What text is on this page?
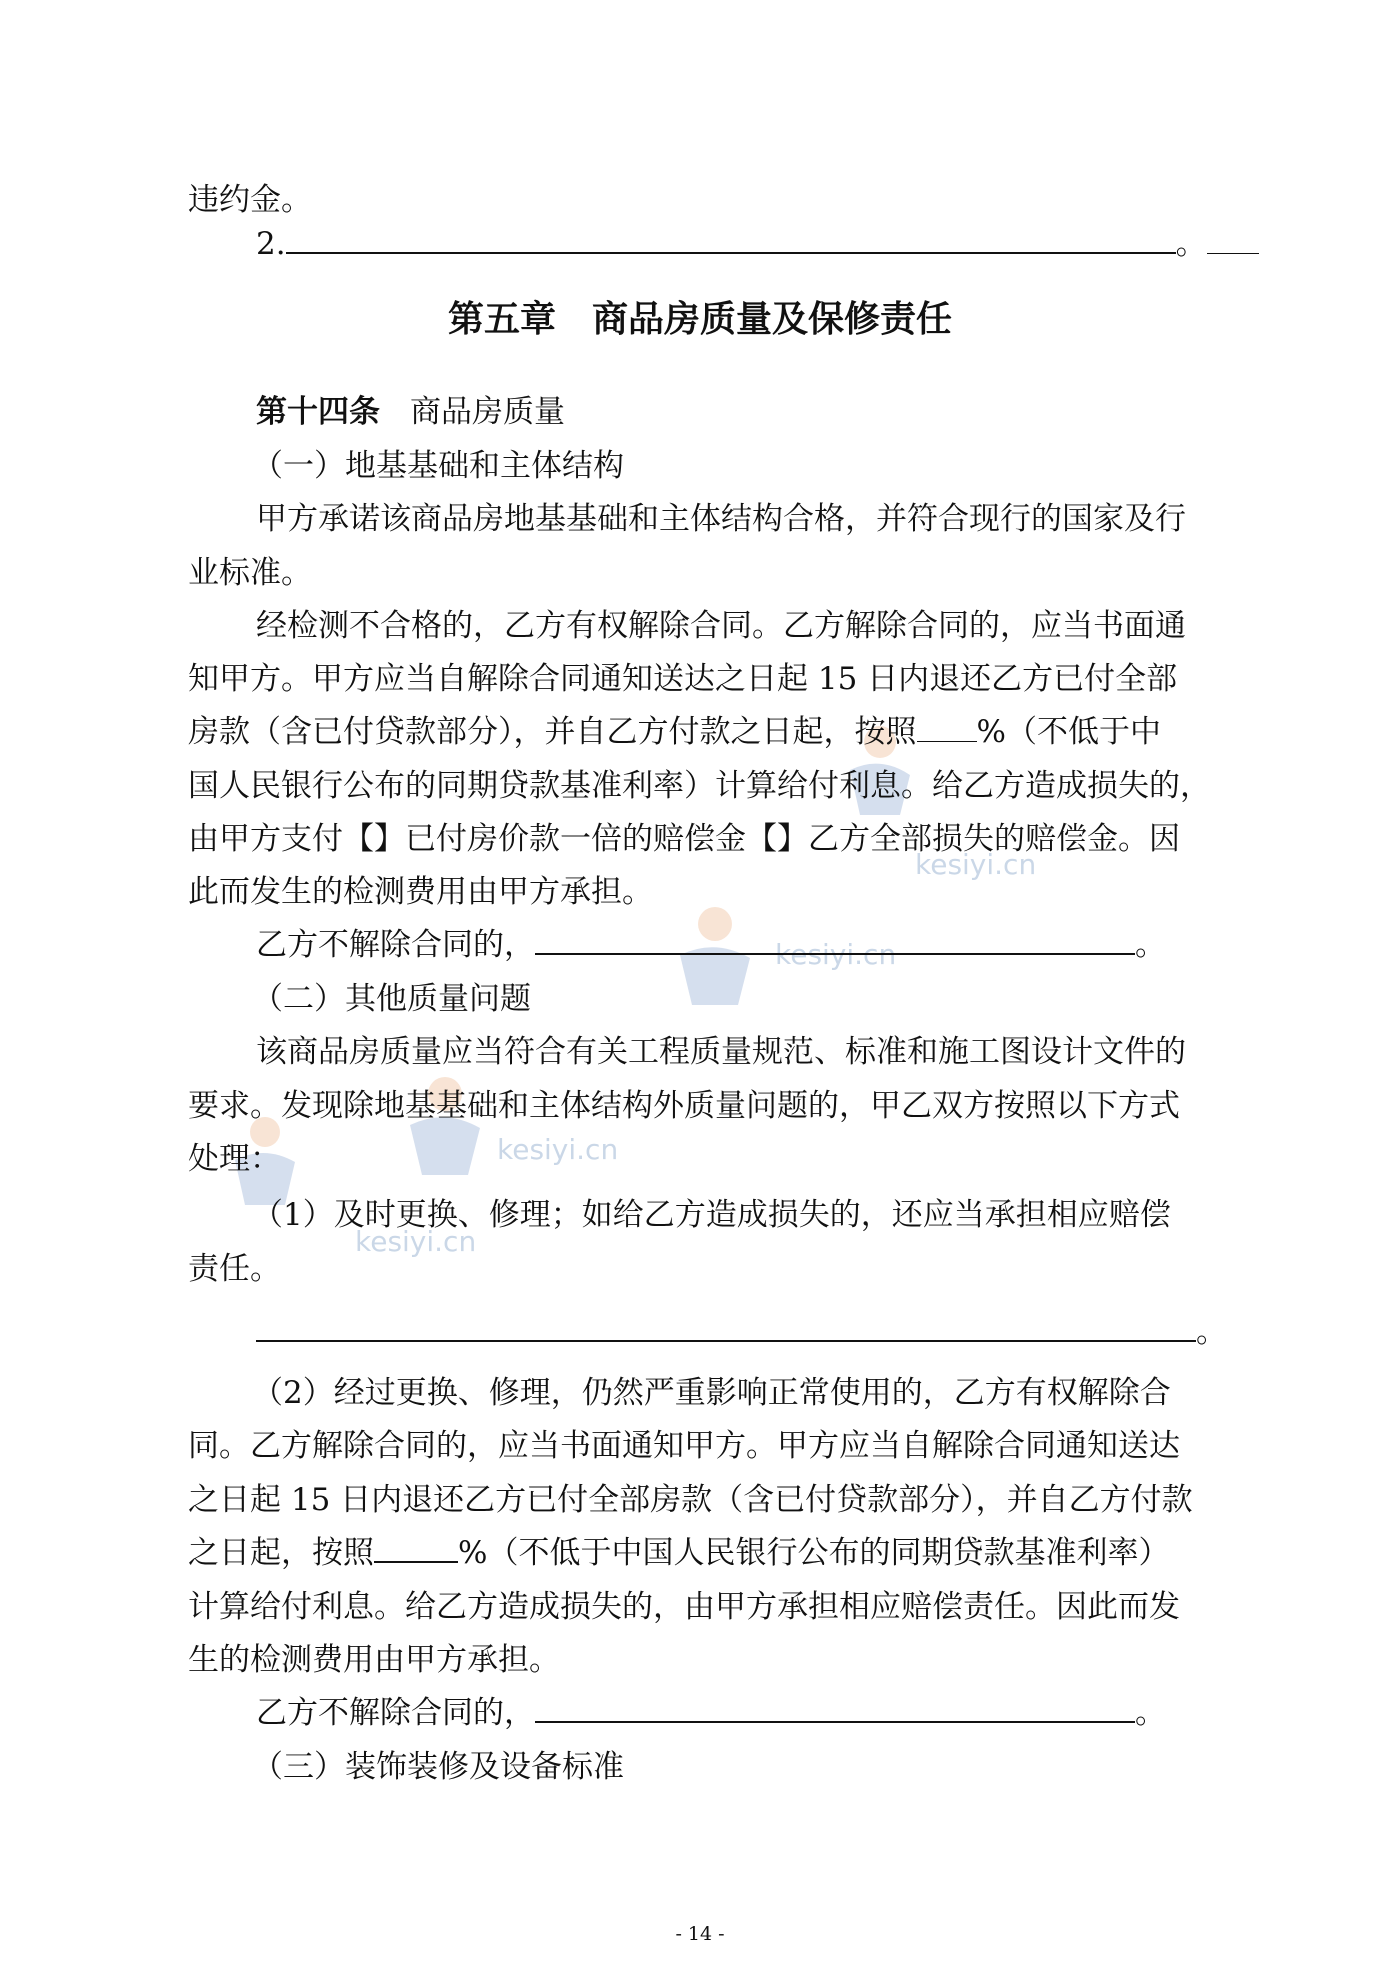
kesiyi.cn
kesiyi.cn
kesiyi.cn
kesiyi.cn
违约金。
2.	。
第五章 商品房质量及保修责任
第十四条 商品房质量
（一）地基基础和主体结构
甲方承诺该商品房地基基础和主体结构合格，并符合现行的国家及行
业标准。
经检测不合格的，乙方有权解除合同。乙方解除合同的，应当书面通
知甲方。甲方应当自解除合同通知送达之日起 15 日内退还乙方已付全部
房款（含已付贷款部分），并自乙方付款之日起，按照 %（不低于中
国人民银行公布的同期贷款基准利率）计算给付利息。给乙方造成损失的，
由甲方支付【】已付房价款一倍的赔偿金【】乙方全部损失的赔偿金。因
此而发生的检测费用由甲方承担。
乙方不解除合同的，	。
（二）其他质量问题
该商品房质量应当符合有关工程质量规范、标准和施工图设计文件的
要求。发现除地基基础和主体结构外质量问题的，甲乙双方按照以下方式
处理：
（1）及时更换、修理；如给乙方造成损失的，还应当承担相应赔偿
责任。
。
（2）经过更换、修理，仍然严重影响正常使用的，乙方有权解除合
同。乙方解除合同的，应当书面通知甲方。甲方应当自解除合同通知送达
之日起 15 日内退还乙方已付全部房款（含已付贷款部分），并自乙方付款
之日起，按照	%（不低于中国人民银行公布的同期贷款基准利率）
计算给付利息。给乙方造成损失的，由甲方承担相应赔偿责任。因此而发
生的检测费用由甲方承担。
乙方不解除合同的，	。
（三）装饰装修及设备标准
- 14 -
